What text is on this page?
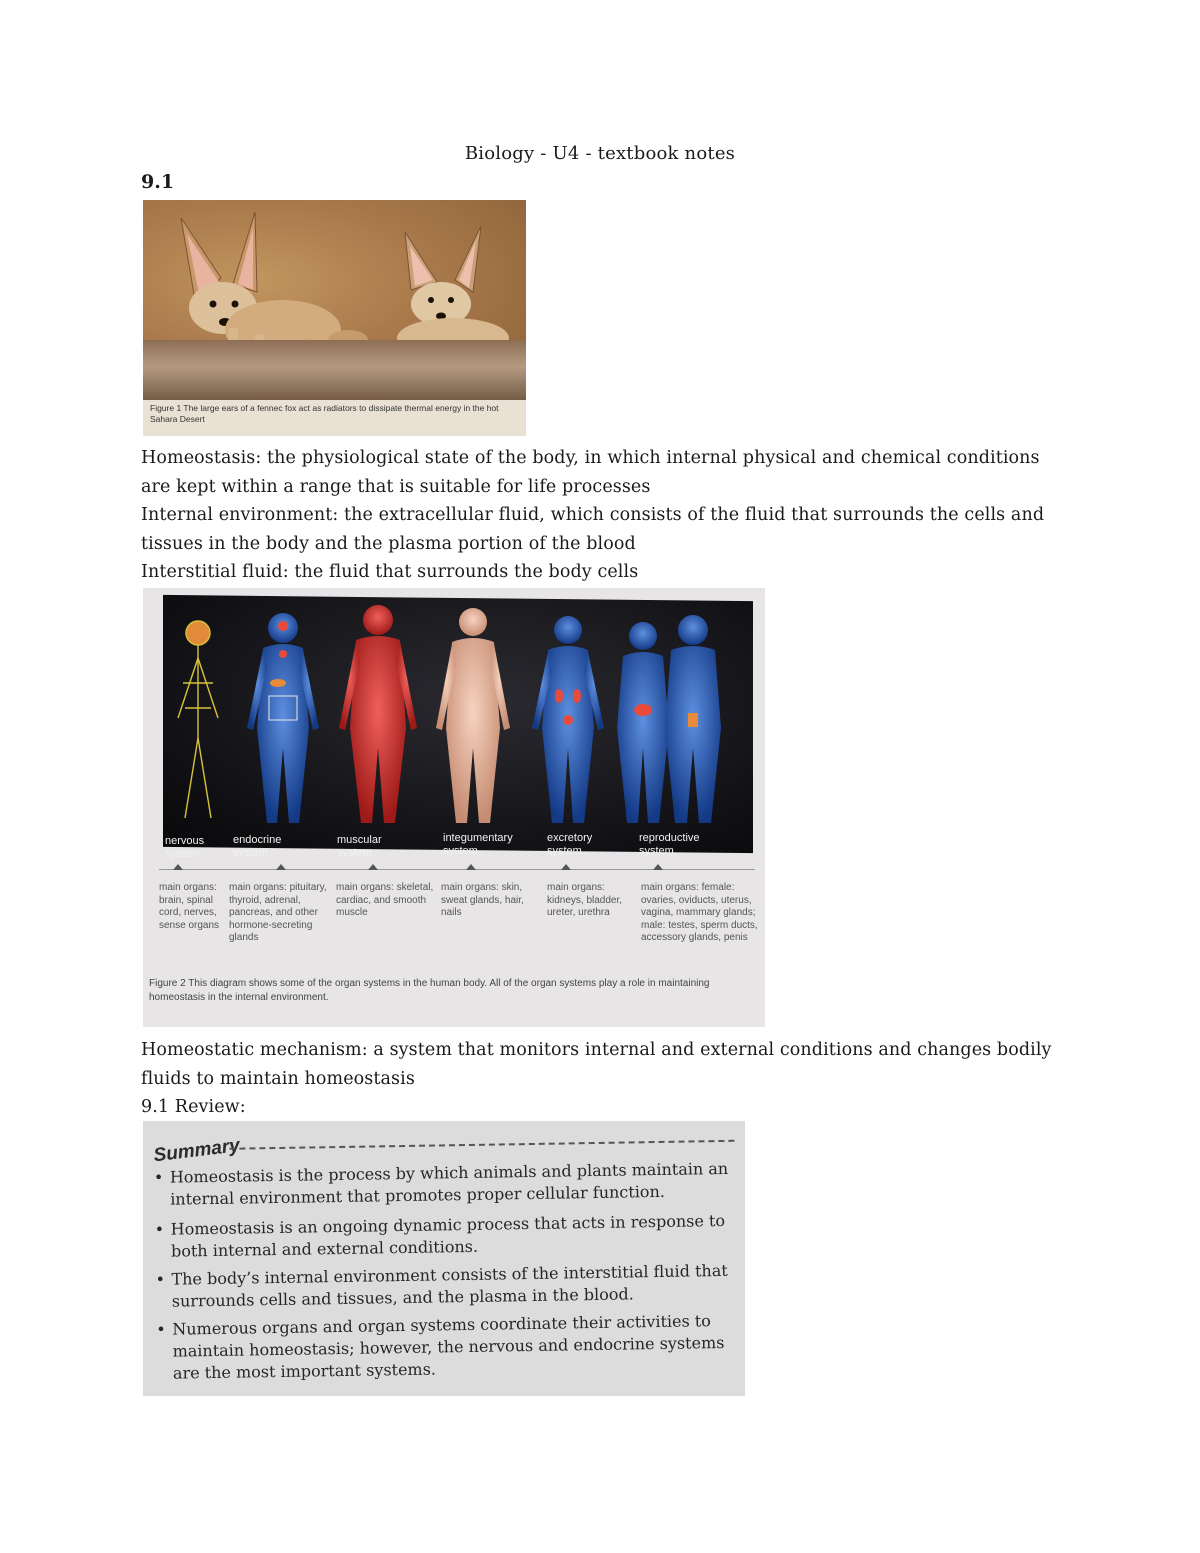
Biology - U4 - textbook notes
9.1
Figure 1 The large ears of a fennec fox act as radiators to dissipate thermal energy in the hot Sahara Desert
Homeostasis: the physiological state of the body, in which internal physical and chemical conditions are kept within a range that is suitable for life processes
Internal environment: the extracellular fluid, which consists of the fluid that surrounds the cells and tissues in the body and the plasma portion of the blood
Interstitial fluid: the fluid that surrounds the body cells
nervous system
endocrine system
muscular system
integumentary system
excretory system
reproductive system
main organs: brain, spinal cord, nerves, sense organs
main organs: pituitary, thyroid, adrenal, pancreas, and other hormone-secreting glands
main organs: skeletal, cardiac, and smooth muscle
main organs: skin, sweat glands, hair, nails
main organs: kidneys, bladder, ureter, urethra
main organs: female: ovaries, oviducts, uterus, vagina, mammary glands; male: testes, sperm ducts, accessory glands, penis
Figure 2 This diagram shows some of the organ systems in the human body. All of the organ systems play a role in maintaining homeostasis in the internal environment.
Homeostatic mechanism: a system that monitors internal and external conditions and changes bodily fluids to maintain homeostasis
9.1 Review:
Summary
• Homeostasis is the process by which animals and plants maintain an internal environment that promotes proper cellular function.
• Homeostasis is an ongoing dynamic process that acts in response to both internal and external conditions.
• The body’s internal environment consists of the interstitial fluid that surrounds cells and tissues, and the plasma in the blood.
• Numerous organs and organ systems coordinate their activities to maintain homeostasis; however, the nervous and endocrine systems are the most important systems.
